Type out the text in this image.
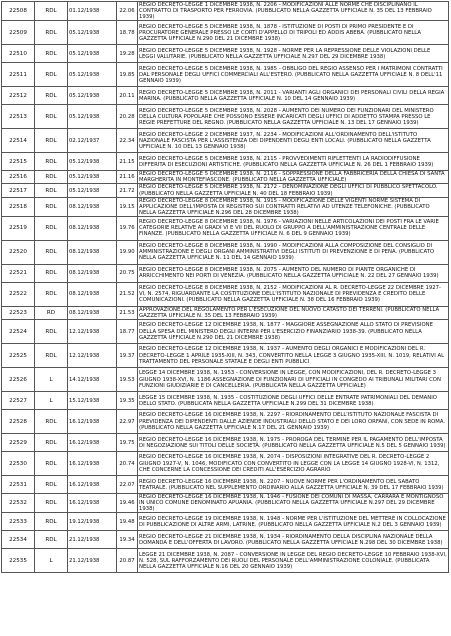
22508	RDL	01.12/1938	22.06	REGIO DECRETO-LEGGE 1 DICEMBRE 1938, N. 2206 - MODIFICAZIONI ALLE NORME CHE DISCIPLINANO IL CONTRATTO DI TRASPORTO PER FERROVIA. (PUBBLICATO NELLA GAZZETTA UFFICIALE N. 35 DEL 13 FEBBRAIO 1939)
22509	RDL	05.12/1938	18.78	REGIO DECRETO-LEGGE 5 DICEMBRE 1938, N. 1878 - ISTITUZIONE DI POSTI DI PRIMO PRESIDENTE E DI PROCURATORE GENERALE PRESSO LE CORTI D'APPELLO DI TRIPOLI ED ADDIS ABEBA. (PUBBLICATO NELLA GAZZETTA UFFICIALE N.290 DEL 21 DICEMBRE 1938)
22510	RDL	05.12/1938	19.28	REGIO DECRETO-LEGGE 5 DICEMBRE 1938, N. 1928 - NORME PER LA REPRESSIONE DELLE VIOLAZIONI DELLE LEGGI VALUTARIE. (PUBBLICATO NELLA GAZZETTA UFFICIALE N.297 DEL 29 DICEMBRE 1938)
22511	RDL	05.12/1938	19.85	REGIO DECRETO-LEGGE 5 DICEMBRE 1938, N. 1985 - OBBLIGO DEL REGIO ASSENSO PER I MATRIMONI CONTRATTI DAL PERSONALE DEGLI UFFICI COMMERCIALI ALL'ESTERO. (PUBBLICATO NELLA GAZZETTA UFFICIALE N. 8 DELL'11 GENNAIO 1939)
22512	RDL	05.12/1938	20.11	REGIO DECRETO-LEGGE 5 DICEMBRE 1938, N. 2011 - VARIANTI AGLI ORGANICI DEI PERSONALI CIVILI DELLA REGIA MARINA. (PUBBLICATO NELLA GAZZETTA UFFICIALE N. 10 DEL 14 GENNAIO 1939)
22513	RDL	05.12/1938	20.28	REGIO DECRETO-LEGGE 5 DICEMBRE 1938, N. 2028 - AUMENTO DEI NUMERO DEI FUNZIONARI DEL MINISTERO DELLA CULTURA POPOLARE CHE POSSONO ESSERE INCARICATI DEGLI UFFICI DI ADDETTO STAMPA PRESSO LE REGIE PREFETTURE DEL REGNO. (PUBBLICATO NELLA GAZZETTA UFFICIALE N. 13 DEL 17 GENNAIO 1939)
22514	RDL	02.12/1937	22.34	REGIO DECRETO-LEGGE 2 DICEMBRE 1937, N. 2234 - MODIFICAZIONI ALL'ORDINAMENTO DELL'ISTITUTO NAZIONALE FASCISTA PER L'ASSISTENZA DEI DIPENDENTI DEGLI ENTI LOCALI. (PUBBLICATO NELLA GAZZETTA UFFICIALE N. 10 DEL 13 GENNAIO 1938)
22515	RDL	05.12/1938	21.15	REGIO DECRETO-LEGGE 5 DICEMBRE 1938, N. 2115 - PROVVEDIMENTI RIFLETTENTI LA RADIODIFFUSIONE DIFFERITA DI ESECUZIONI ARTISTICHE. (PUBBLICATO NELLA GAZZETTA UFFICIALE N. 26 DEL 1 FEBBRAIO 1939)
22516	RDL	05.12/1938	21.16	REGIO DECRETO-LEGGE 5 DICEMBRE 1938, N. 2116 - SOPPRESSIONE DELLA FABBRICERIA DELLA CHIESA DI SANTA MARGHERITA IN MONTEFIASCONE. (PUBBLICATO NELLA GAZZETTA UFFICIALE)
22517	RDL	05.12/1938	21.72	REGIO DECRETO-LEGGE 5 DICEMBRE 1938, N. 2172 - DENOMINAZIONE DEGLI UFFICI DI PUBBLICO SPETTACOLO. (PUBBLICATO NELLA GAZZETTA UFFICIALE N. 40 DEL 18 FEBBRAIO 1939)
22518	RDL	08.12/1938	19.15	REGIO DECRETO-LEGGE 8 DICEMBRE 1938, N. 1915 - MODIFICAZIONE DELLE VIGENTI NORME SISTEMA DI APPLICAZIONE DELL'IMPOSTA DI REGISTRO SUI CONTRATTI RELATIVI AD UTENZE TELEFONICHE. (PUBBLICATO NELLA GAZZETTA UFFICIALE N.296 DEL 28 DICEMBRE 1938)
22519	RDL	08.12/1938	19.76	REGIO DECRETO-LEGGE 8 DICEMBRE 1938, N. 1976 - VARIAZIONI NELLE ARTICOLAZIONI DEI POSTI FRA LE VARIE CATEGORIE RELATIVE AI GRADI VI E VII DEL RUOLO DI GRUPPO A DELL'AMMINISTRAZIONE CENTRALE DELLE FINANZE. (PUBBLICATO NELLA GAZZETTA UFFICIALE N. 6 DEL 9 GENNAIO 1939)
22520	RDL	08.12/1938	19.90	REGIO DECRETO-LEGGE 8 DICEMBRE 1938, N. 1990 - MODIFICAZIONI ALLA COMPOSIZIONE DEL CONSIGLIO DI AMMINISTRAZIONE E DEGLI ORGANI AMMINISTRATIVI DEGLI ISTITUTI DI PREVENZIONE E DI PENA. (PUBBLICATO NELLA GAZZETTA UFFICIALE N. 11 DEL 14 GENNAIO 1939)
22521	RDL	08.12/1938	20.75	REGIO DECRETO-LEGGE 8 DICEMBRE 1938, N. 2075 - AUMENTO DEL NUMERO DI PIANTE ORGANICHE DI ARRICCHIMENTO NEI PORTI DI VENEZIA. (PUBBLICATO NELLA GAZZETTA UFFICIALE N. 22 DEL 27 GENNAIO 1939)
22522	RDL	08.12/1938	21.52	REGIO DECRETO-LEGGE 8 DICEMBRE 1938, N. 2152 - MODIFICAZIONI AL R. DECRETO-LEGGE 22 DICEMBRE 1927-VI, N. 2574, RIGUARDANTE LA COSTITUZIONE DELL'ISTITUTO NAZIONALE DI PREVIDENZA E CREDITO DELLE COMUNICAZIONI. (PUBBLICATO NELLA GAZZETTA UFFICIALE N. 38 DEL 16 FEBBRAIO 1939)
22523	RD	08.12/1938	21.53	APPROVAZIONE DEL REGOLAMENTO PER L'ESECUZIONE DEL NUOVO CATASTO DEI TERRENI. (PUBBLICATO NELLA GAZZETTA UFFICIALE N. 35 DEL 13 FEBBRAIO 1939)
22524	RDL	12.12/1938	18.77	REGIO DECRETO-LEGGE 12 DICEMBRE 1938, N. 1877 - MAGGIORE ASSEGNAZIONE ALLO STATO DI PREVISIONE DELLA SPESA DEL MINISTERO DEGLI INTERNI PER L'ESERCIZIO FINANZIARIO 1938-39. (PUBBLICATO NELLA GAZZETTA UFFICIALE N.290 DEL 21 DICEMBRE 1938)
22525	RDL	12.12/1938	19.37	REGIO DECRETO-LEGGE 12 DICEMBRE 1938, N. 1937 - AUMENTO DEGLI ORGANICI E MODIFICAZIONI DEL R. DECRETO-LEGGE 1 APRILE 1935-XIII, N. 343, CONVERTITO NELLA LEGGE 3 GIUGNO 1935-XIII, N. 1019, RELATIVI AL TRATTAMENTO DEL PERSONALE STATALE E DEGLI ENTI PUBBLICI
22526	L	14.12/1938	19.53	LEGGE 14 DICEMBRE 1938, N. 1953 - CONVERSIONE IN LEGGE, CON MODIFICAZIONI, DEL R. DECRETO-LEGGE 3 GIUGNO 1938-XVI, N. 1186 ASSEGNAZIONE DI FUNZIONARI DI UFFICIALI IN CONGEDO AI TRIBUNALI MILITARI CON FUNZIONI GIUDIZIARIE E DI CANCELLERIA. (PUBBLICATA NELLA GAZZETTA UFFICIALE)
22527	L	15.12/1938	19.35	LEGGE 15 DICEMBRE 1938, N. 1935 - COSTITUZIONE DEGLI UFFICI DELLE ENTRATE PATRIMONIALI DEL DEMANIO DELLO STATO. (PUBBLICATA NELLA GAZZETTA UFFICIALE N.299 DEL 31 DICEMBRE 1938)
22528	RDL	16.12/1938	22.97	REGIO DECRETO-LEGGE 16 DICEMBRE 1938, N. 2297 - RIORDINAMENTO DELL'ISTITUTO NAZIONALE FASCISTA DI PREVIDENZA DEI DIPENDENTI DALLE AZIENDE INDUSTRIALI DELLO STATO E DEI LORO ORFANI, CON SEDE IN ROMA. (PUBBLICATO NELLA GAZZETTA UFFICIALE N.17 DEL 21 GENNAIO 1939)
22529	RDL	16.12/1938	19.75	REGIO DECRETO-LEGGE 16 DICEMBRE 1938, N. 1975 - PROROGA DEL TERMINE PER IL PAGAMENTO DELL'IMPOSTA DI NEGOZIAZIONE SUI TITOLI DELLE SOCIETÀ. (PUBBLICATO NELLA GAZZETTA UFFICIALE N.5 DEL 5 GENNAIO 1939)
22530	RDL	16.12/1938	20.74	REGIO DECRETO-LEGGE 16 DICEMBRE 1938, N. 2074 - DISPOSIZIONI INTEGRATIVE DEL R. DECRETO-LEGGE 2 GIUGNO 1927-V, N. 1046, MODIFICATO CON CONVERTITO IN LEGGE CON LA LEGGE 14 GIUGNO 1928-VI, N. 1312, CHE CONCERNE LA CONCESSIONE DEI CREDITI ALL'ESERCIZIO AGRARIO
22531	RDL	16.12/1938	22.07	REGIO DECRETO-LEGGE 16 DICEMBRE 1938, N. 2207 - NUOVE NORME PER L'ORDINAMENTO DEL SABATO TEATRALE. (PUBBLICATO NEL SUPPLEMENTO ORDINARIO ALLA GAZZETTA UFFICIALE N. 39 DEL 17 FEBBRAIO 1939)
22532	RDL	16.12/1938	19.46	REGIO DECRETO-LEGGE 16 DICEMBRE 1938, N. 1946 - FUSIONE DEI COMUNI DI MASSA, CARRARA E MONTIGNOSO IN UNICO COMUNE DENOMINATO APUANIA. (PUBBLICATO NELLA GAZZETTA UFFICIALE N.297 DEL 29 DICEMBRE 1938)
22533	RDL	19.12/1938	19.48	REGIO DECRETO-LEGGE 19 DICEMBRE 1938, N. 1948 - NORME PER L'ISTITUZIONE DEL METTERE IN COLLOCAZIONE DI PUBBLICAZIONE DI ALTRE ARMI, LATRINE. (PUBBLICATO NELLA GAZZETTA UFFICIALE N.2 DEL 3 GENNAIO 1939)
22534	RDL	21.12/1938	19.34	REGIO DECRETO-LEGGE 21 DICEMBRE 1938, N. 1934 - RIORDINAMENTO DELLA DISCIPLINA NAZIONALE DELLA DOMANDA E DELL'OFFERTA DI LAVORO. (PUBBLICATO NELLA GAZZETTA UFFICIALE N.298 DEL 30 DICEMBRE 1938)
22535	L	21.12/1938	20.87	LEGGE 21 DICEMBRE 1938, N. 2087 - CONVERSIONE IN LEGGE DEL REGIO DECRETO-LEGGE 10 FEBBRAIO 1938-XVI, N. 528, SUL RAFFORZAMENTO DEI RUOLI DEL PERSONALE DELL'AMMINISTRAZIONE COLONIALE. (PUBBLICATA NELLA GAZZETTA UFFICIALE N.16 DEL 20 GENNAIO 1939)
